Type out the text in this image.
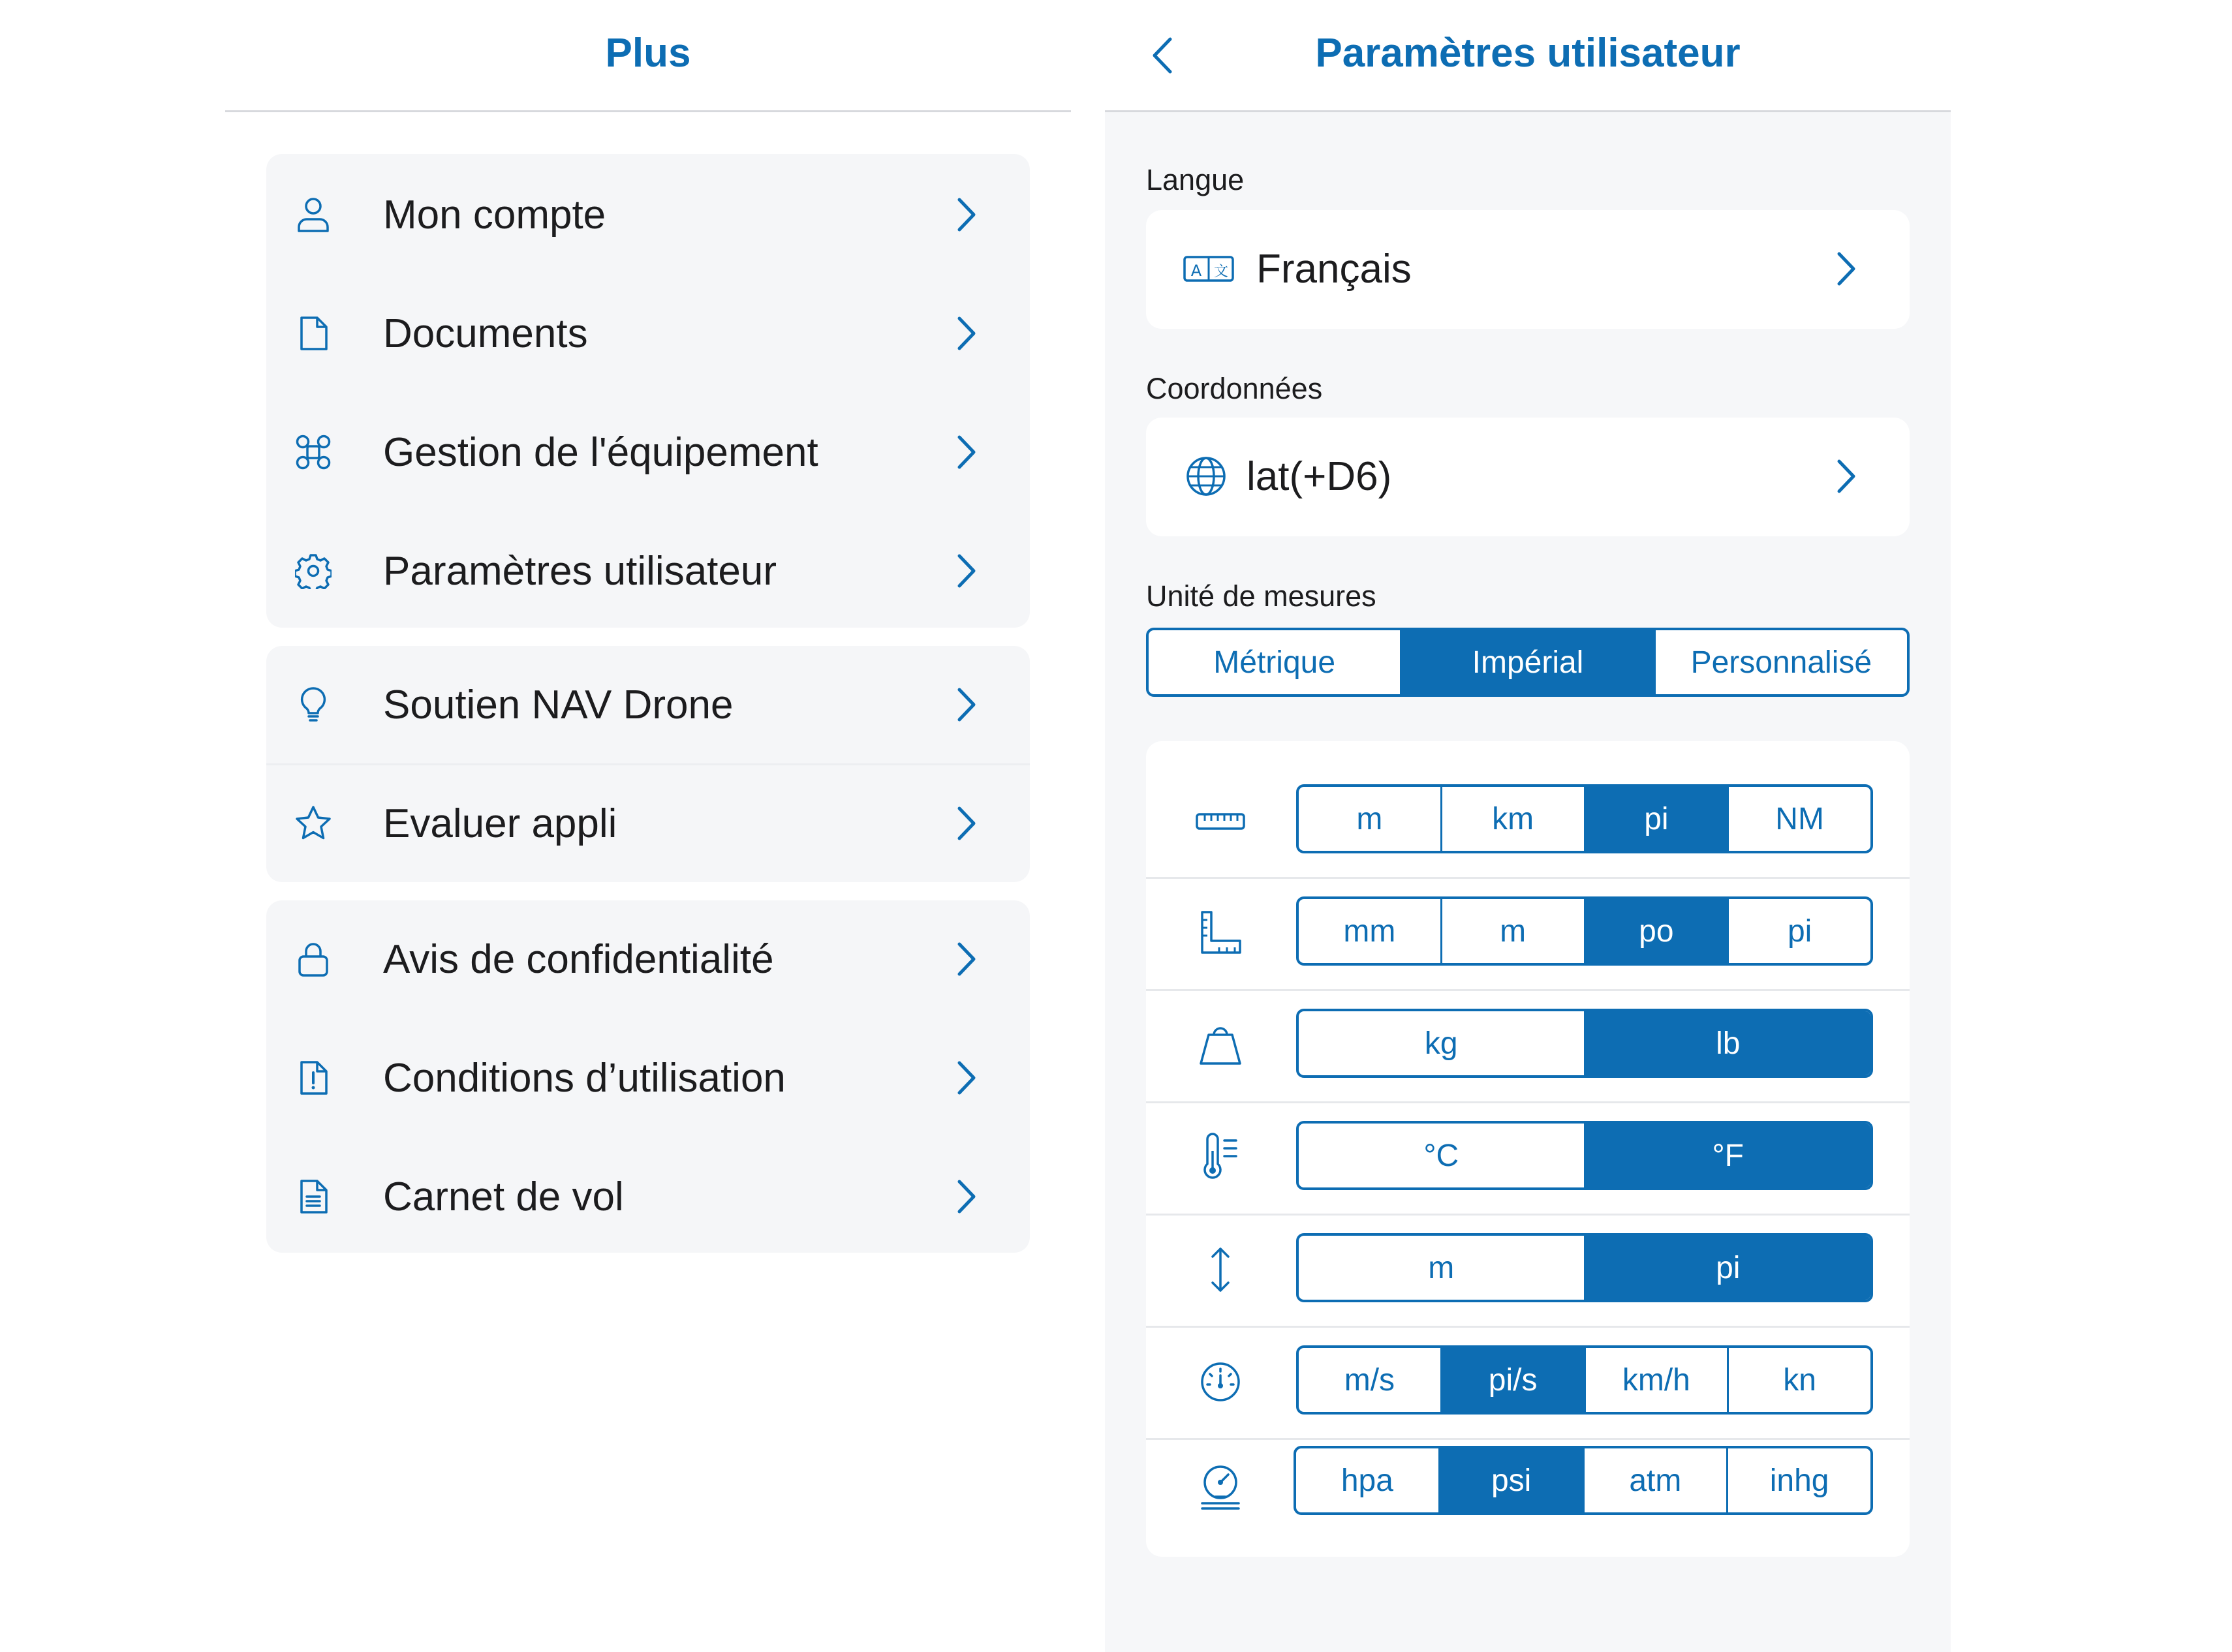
Plus
Mon compte
Documents
Gestion de l'équipement
Paramètres utilisateur
Soutien NAV Drone
Evaluer appli
Avis de confidentialité
Conditions d’utilisation
Carnet de vol
Paramètres utilisateur
Langue
A 文 Français
Coordonnées
lat(+D6)
Unité de mesures
Métrique	Impérial	Personnalisé
m	km	pi	NM
mm	m	po	pi
kg	lb
°C	°F
m	pi
m/s	pi/s	km/h	kn
hpa	psi	atm	inhg
